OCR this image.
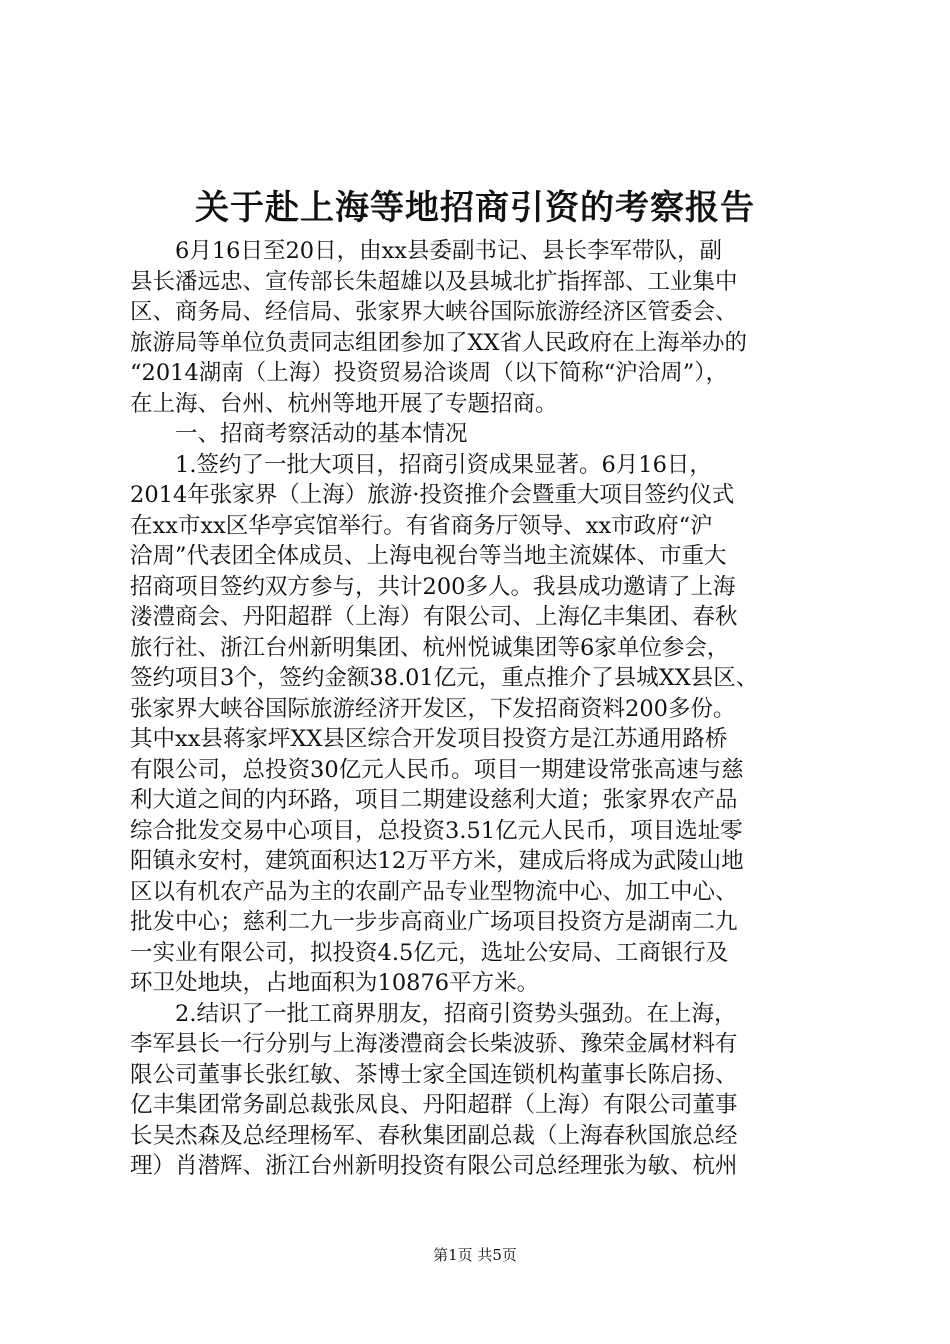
关于赴上海等地招商引资的考察报告

　　6月16日至20日，由xx县委副书记、县长李军带队，副

县长潘远忠、宣传部长朱超雄以及县城北扩指挥部、工业集中

区、商务局、经信局、张家界大峡谷国际旅游经济区管委会、

旅游局等单位负责同志组团参加了XX省人民政府在上海举办的

“2014湖南（上海）投资贸易洽谈周（以下简称“沪洽周”），

在上海、台州、杭州等地开展了专题招商。

　　一、招商考察活动的基本情况

　　1.签约了一批大项目，招商引资成果显著。6月16日，

2014年张家界（上海）旅游·投资推介会暨重大项目签约仪式

在xx市xx区华亭宾馆举行。有省商务厅领导、xx市政府“沪

洽周”代表团全体成员、上海电视台等当地主流媒体、市重大

招商项目签约双方参与，共计200多人。我县成功邀请了上海

溇澧商会、丹阳超群（上海）有限公司、上海亿丰集团、春秋

旅行社、浙江台州新明集团、杭州悦诚集团等6家单位参会，

签约项目3个，签约金额38.01亿元，重点推介了县城XX县区、

张家界大峡谷国际旅游经济开发区，下发招商资料200多份。

其中xx县蒋家坪XX县区综合开发项目投资方是江苏通用路桥

有限公司，总投资30亿元人民币。项目一期建设常张高速与慈

利大道之间的内环路，项目二期建设慈利大道；张家界农产品

综合批发交易中心项目，总投资3.51亿元人民币，项目选址零

阳镇永安村，建筑面积达12万平方米，建成后将成为武陵山地

区以有机农产品为主的农副产品专业型物流中心、加工中心、

批发中心；慈利二九一步步高商业广场项目投资方是湖南二九

一实业有限公司，拟投资4.5亿元，选址公安局、工商银行及

环卫处地块，占地面积为10876平方米。

　　2.结识了一批工商界朋友，招商引资势头强劲。在上海，

李军县长一行分别与上海溇澧商会长柴波骄、豫荣金属材料有

限公司董事长张红敏、茶博士家全国连锁机构董事长陈启扬、

亿丰集团常务副总裁张凤良、丹阳超群（上海）有限公司董事

长吴杰森及总经理杨军、春秋集团副总裁（上海春秋国旅总经

理）肖潜辉、浙江台州新明投资有限公司总经理张为敏、杭州

第1页 共5页
